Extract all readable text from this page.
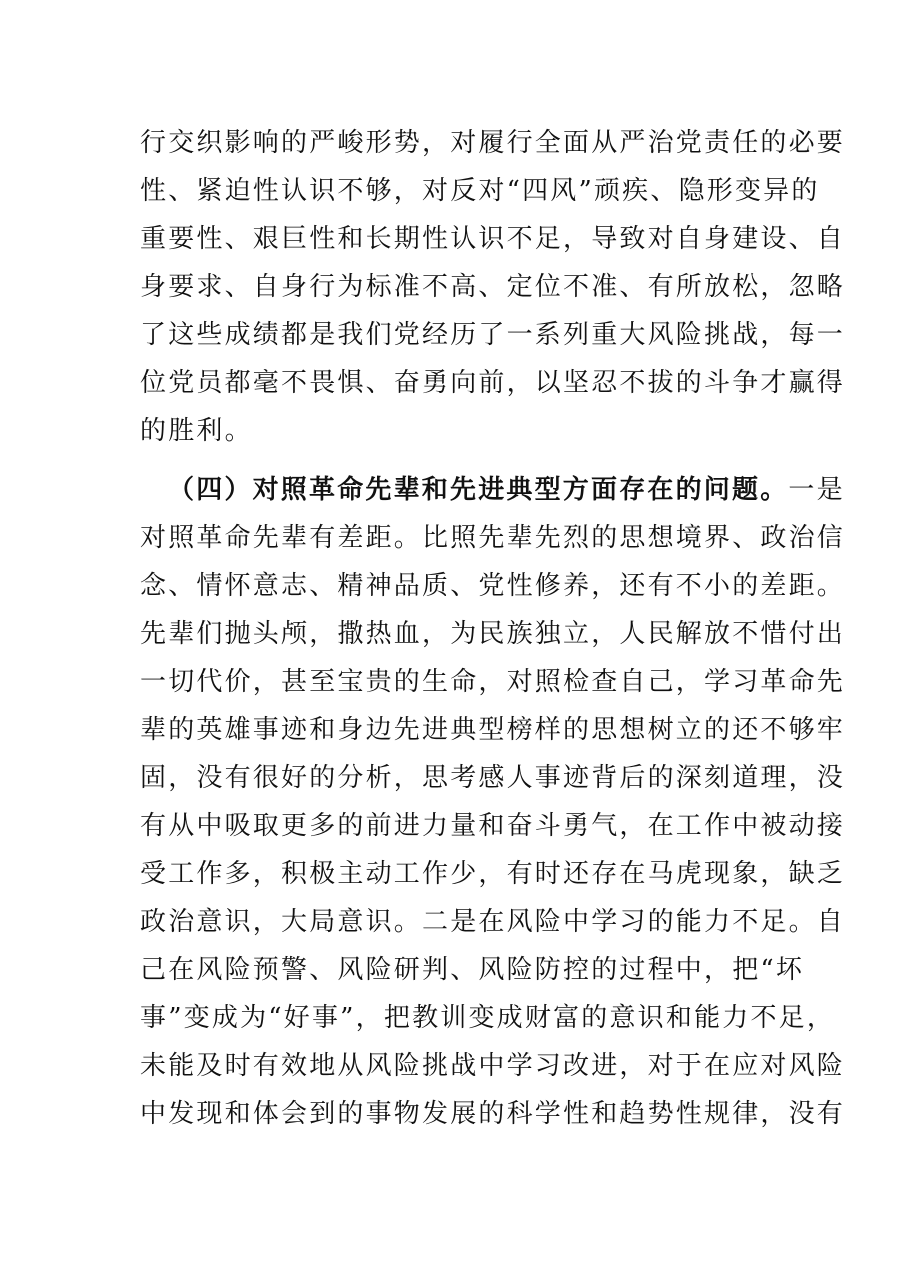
行交织影响的严峻形势，对履行全面从严治党责任的必要
性、紧迫性认识不够，对反对“四风”顽疾、隐形变异的
重要性、艰巨性和长期性认识不足，导致对自身建设、自
身要求、自身行为标准不高、定位不准、有所放松，忽略
了这些成绩都是我们党经历了一系列重大风险挑战，每一
位党员都毫不畏惧、奋勇向前，以坚忍不拔的斗争才赢得
的胜利。
（四）对照革命先辈和先进典型方面存在的问题。一是
对照革命先辈有差距。比照先辈先烈的思想境界、政治信
念、情怀意志、精神品质、党性修养，还有不小的差距。
先辈们抛头颅，撒热血，为民族独立，人民解放不惜付出
一切代价，甚至宝贵的生命，对照检查自己，学习革命先
辈的英雄事迹和身边先进典型榜样的思想树立的还不够牢
固，没有很好的分析，思考感人事迹背后的深刻道理，没
有从中吸取更多的前进力量和奋斗勇气，在工作中被动接
受工作多，积极主动工作少，有时还存在马虎现象，缺乏
政治意识，大局意识。二是在风险中学习的能力不足。自
己在风险预警、风险研判、风险防控的过程中，把“坏
事”变成为“好事”，把教训变成财富的意识和能力不足，
未能及时有效地从风险挑战中学习改进，对于在应对风险
中发现和体会到的事物发展的科学性和趋势性规律，没有
